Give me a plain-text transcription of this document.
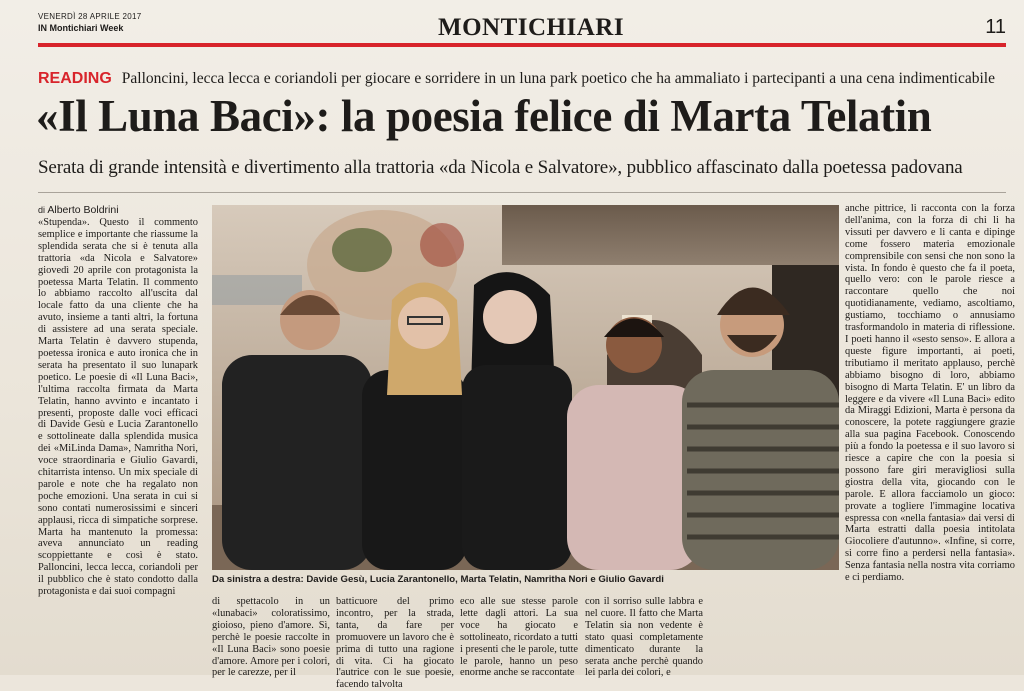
VENERDÌ 28 APRILE 2017
IN Montichiari Week	MONTICHIARI	11
READING Palloncini, lecca lecca e coriandoli per giocare e sorridere in un luna park poetico che ha ammaliato i partecipanti a una cena indimenticabile
«Il Luna Baci»: la poesia felice di Marta Telatin
Serata di grande intensità e divertimento alla trattoria «da Nicola e Salvatore», pubblico affascinato dalla poetessa padovana
di Alberto Boldrini

«Stupenda». Questo il commento semplice e importante che riassume la splendida serata che si è tenuta alla trattoria «da Nicola e Salvatore» giovedì 20 aprile con protagonista la poetessa Marta Telatin. Il commento lo abbiamo raccolto all'uscita dal locale fatto da una cliente che ha avuto, insieme a tanti altri, la fortuna di assistere ad una serata speciale. Marta Telatin è davvero stupenda, poetessa ironica e auto ironica che in serata ha presentato il suo lunapark poetico. Le poesie di «Il Luna Baci», l'ultima raccolta firmata da Marta Telatin, hanno avvinto e incantato i presenti, proposte dalle voci efficaci di Davide Gesù e Lucia Zarantonello e sottolineate dalla splendida musica dei «MiLinda Dama», Namritha Nori, voce straordinaria e Giulio Gavardi, chitarrista intenso. Un mix speciale di parole e note che ha regalato non poche emozioni. Una serata in cui si sono contati numerosissimi e sinceri applausi, ricca di simpatiche sorprese. Marta ha mantenuto la promessa: aveva annunciato un reading scoppiettante e così è stato. Palloncini, lecca lecca, coriandoli per il pubblico che è stato condotto dalla protagonista e dai suoi compagni

Da sinistra a destra: Davide Gesù, Lucia Zarantonello, Marta Telatin, Namritha Nori e Giulio Gavardi

di spettacolo in un «lunabaci» coloratissimo, gioioso, pieno d'amore. Sì, perchè le poesie raccolte in «Il Luna Baci» sono poesie d'amore. Amore per i colori, per le carezze, per il

batticuore del primo incontro, per la strada, tanta, da fare per promuovere un lavoro che è prima di tutto una ragione di vita. Ci ha giocato l'autrice con le sue poesie, facendo talvolta

eco alle sue stesse parole lette dagli attori. La sua voce ha giocato e sottolineato, ricordato a tutti i presenti che le parole, tutte le parole, hanno un peso enorme anche se raccontate

con il sorriso sulle labbra e nel cuore. Il fatto che Marta Telatin sia non vedente è stato quasi completamente dimenticato durante la serata anche perchè quando lei parla dei colori, e

anche pittrice, li racconta con la forza dell'anima, con la forza di chi li ha vissuti per davvero e li canta e dipinge come fossero materia emozionale comprensibile con sensi che non sono la vista. In fondo è questo che fa il poeta, quello vero: con le parole riesce a raccontare quello che noi quotidianamente, vediamo, ascoltiamo, gustiamo, tocchiamo o annusiamo trasformandolo in materia di riflessione. I poeti hanno il «sesto senso». E allora a queste figure importanti, ai poeti, tributiamo il meritato applauso, perchè abbiamo bisogno di loro, abbiamo bisogno di Marta Telatin. E' un libro da leggere e da vivere «Il Luna Baci» edito da Miraggi Edizioni, Marta è persona da conoscere, la potete raggiungere grazie alla sua pagina Facebook. Conoscendo più a fondo la poetessa e il suo lavoro si riesce a capire che con la poesia si possono fare giri meravigliosi sulla giostra della vita, giocando con le parole. E allora facciamolo un gioco: provate a togliere l'immagine locativa espressa con «nella fantasia» dai versi di Marta estratti dalla poesia intitolata Giocoliere d'autunno». «Infine, si corre, si corre fino a perdersi nella fantasia». Senza fantasia nella nostra vita corriamo e ci perdiamo.
